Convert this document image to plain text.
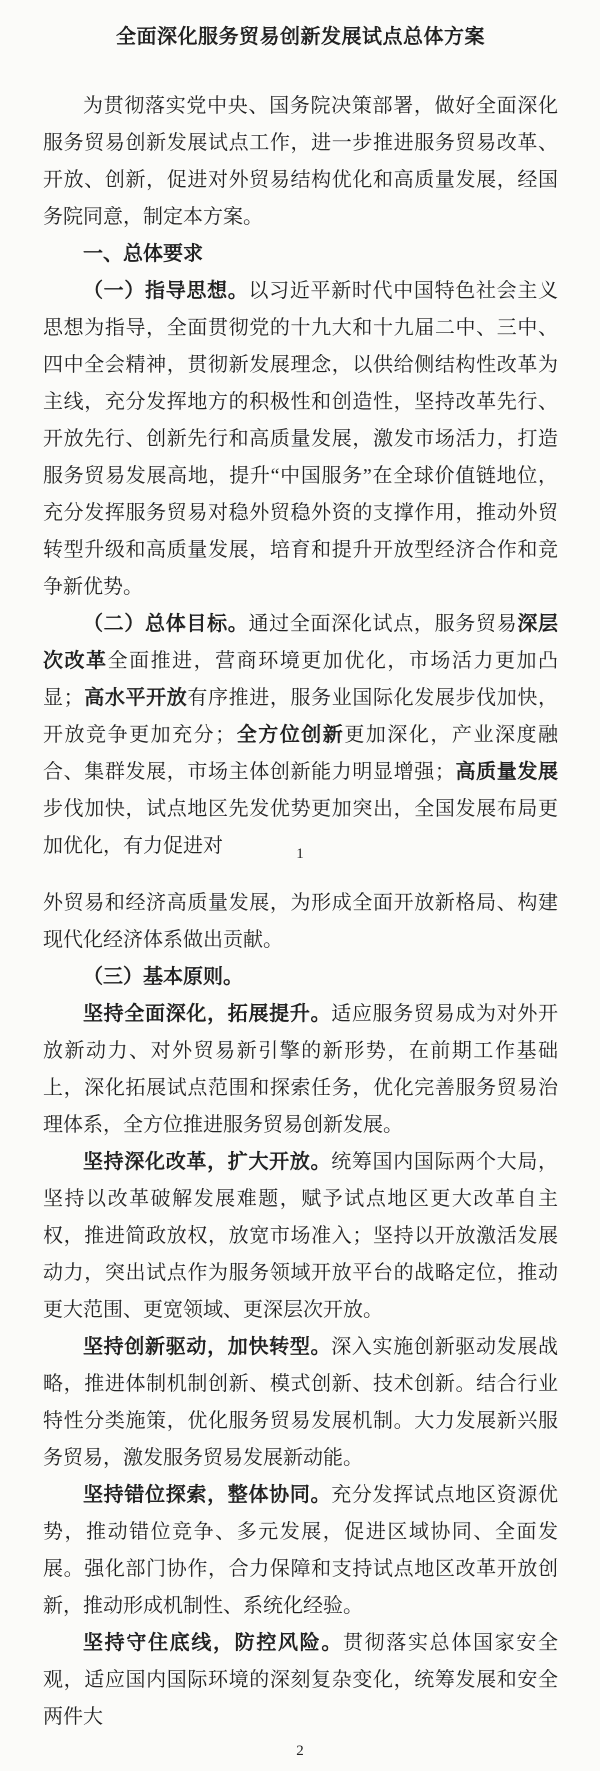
全面深化服务贸易创新发展试点总体方案

为贯彻落实党中央、国务院决策部署，做好全面深化服务贸易创新发展试点工作，进一步推进服务贸易改革、开放、创新，促进对外贸易结构优化和高质量发展，经国务院同意，制定本方案。

一、总体要求

（一）指导思想。以习近平新时代中国特色社会主义思想为指导，全面贯彻党的十九大和十九届二中、三中、四中全会精神，贯彻新发展理念，以供给侧结构性改革为主线，充分发挥地方的积极性和创造性，坚持改革先行、开放先行、创新先行和高质量发展，激发市场活力，打造服务贸易发展高地，提升“中国服务”在全球价值链地位，充分发挥服务贸易对稳外贸稳外资的支撑作用，推动外贸转型升级和高质量发展，培育和提升开放型经济合作和竞争新优势。

（二）总体目标。通过全面深化试点，服务贸易深层次改革全面推进，营商环境更加优化，市场活力更加凸显；高水平开放有序推进，服务业国际化发展步伐加快，开放竞争更加充分；全方位创新更加深化，产业深度融合、集群发展，市场主体创新能力明显增强；高质量发展步伐加快，试点地区先发优势更加突出，全国发展布局更加优化，有力促进对	1

外贸易和经济高质量发展，为形成全面开放新格局、构建现代化经济体系做出贡献。

（三）基本原则。

坚持全面深化，拓展提升。适应服务贸易成为对外开放新动力、对外贸易新引擎的新形势，在前期工作基础上，深化拓展试点范围和探索任务，优化完善服务贸易治理体系，全方位推进服务贸易创新发展。

坚持深化改革，扩大开放。统筹国内国际两个大局，坚持以改革破解发展难题，赋予试点地区更大改革自主权，推进简政放权，放宽市场准入；坚持以开放激活发展动力，突出试点作为服务领域开放平台的战略定位，推动更大范围、更宽领域、更深层次开放。

坚持创新驱动，加快转型。深入实施创新驱动发展战略，推进体制机制创新、模式创新、技术创新。结合行业特性分类施策，优化服务贸易发展机制。大力发展新兴服务贸易，激发服务贸易发展新动能。

坚持错位探索，整体协同。充分发挥试点地区资源优势，推动错位竞争、多元发展，促进区域协同、全面发展。强化部门协作，合力保障和支持试点地区改革开放创新，推动形成机制性、系统化经验。

坚持守住底线，防控风险。贯彻落实总体国家安全观，适应国内国际环境的深刻复杂变化，统筹发展和安全两件大

2
